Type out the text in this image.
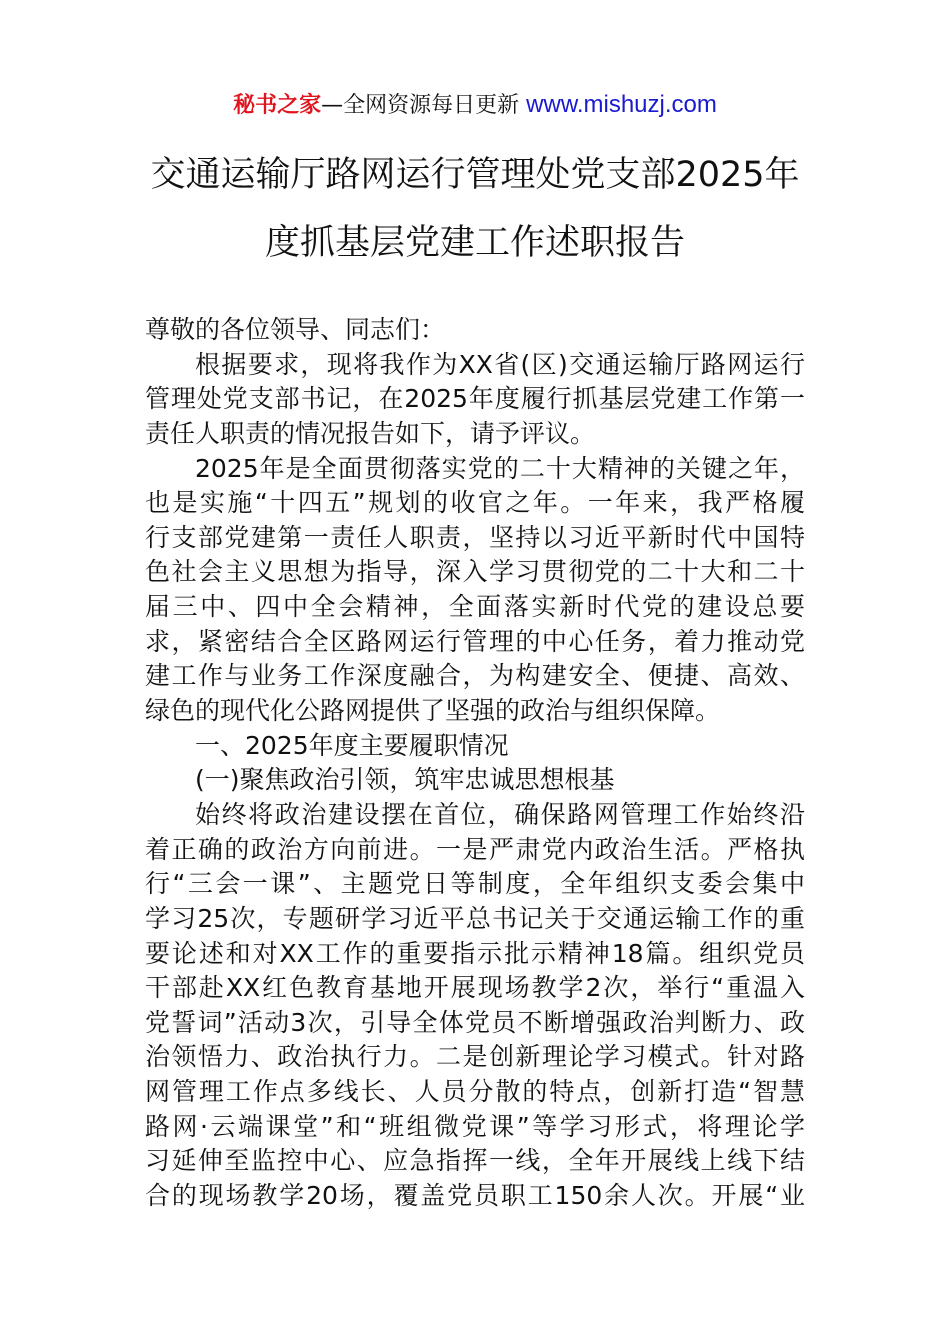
秘书之家—全网资源每日更新 www.mishuzj.com
交通运输厅路网运行管理处党支部2025年
度抓基层党建工作述职报告
尊敬的各位领导、同志们：
根据要求，现将我作为XX省(区)交通运输厅路网运行
管理处党支部书记，在2025年度履行抓基层党建工作第一
责任人职责的情况报告如下，请予评议。
2025年是全面贯彻落实党的二十大精神的关键之年，
也是实施“十四五”规划的收官之年。一年来，我严格履
行支部党建第一责任人职责，坚持以习近平新时代中国特
色社会主义思想为指导，深入学习贯彻党的二十大和二十
届三中、四中全会精神，全面落实新时代党的建设总要
求，紧密结合全区路网运行管理的中心任务，着力推动党
建工作与业务工作深度融合，为构建安全、便捷、高效、
绿色的现代化公路网提供了坚强的政治与组织保障。
一、2025年度主要履职情况
(一)聚焦政治引领，筑牢忠诚思想根基
始终将政治建设摆在首位，确保路网管理工作始终沿
着正确的政治方向前进。一是严肃党内政治生活。严格执
行“三会一课”、主题党日等制度，全年组织支委会集中
学习25次，专题研学习近平总书记关于交通运输工作的重
要论述和对XX工作的重要指示批示精神18篇。组织党员
干部赴XX红色教育基地开展现场教学2次，举行“重温入
党誓词”活动3次，引导全体党员不断增强政治判断力、政
治领悟力、政治执行力。二是创新理论学习模式。针对路
网管理工作点多线长、人员分散的特点，创新打造“智慧
路网·云端课堂”和“班组微党课”等学习形式，将理论学
习延伸至监控中心、应急指挥一线，全年开展线上线下结
合的现场教学20场，覆盖党员职工150余人次。开展“业
